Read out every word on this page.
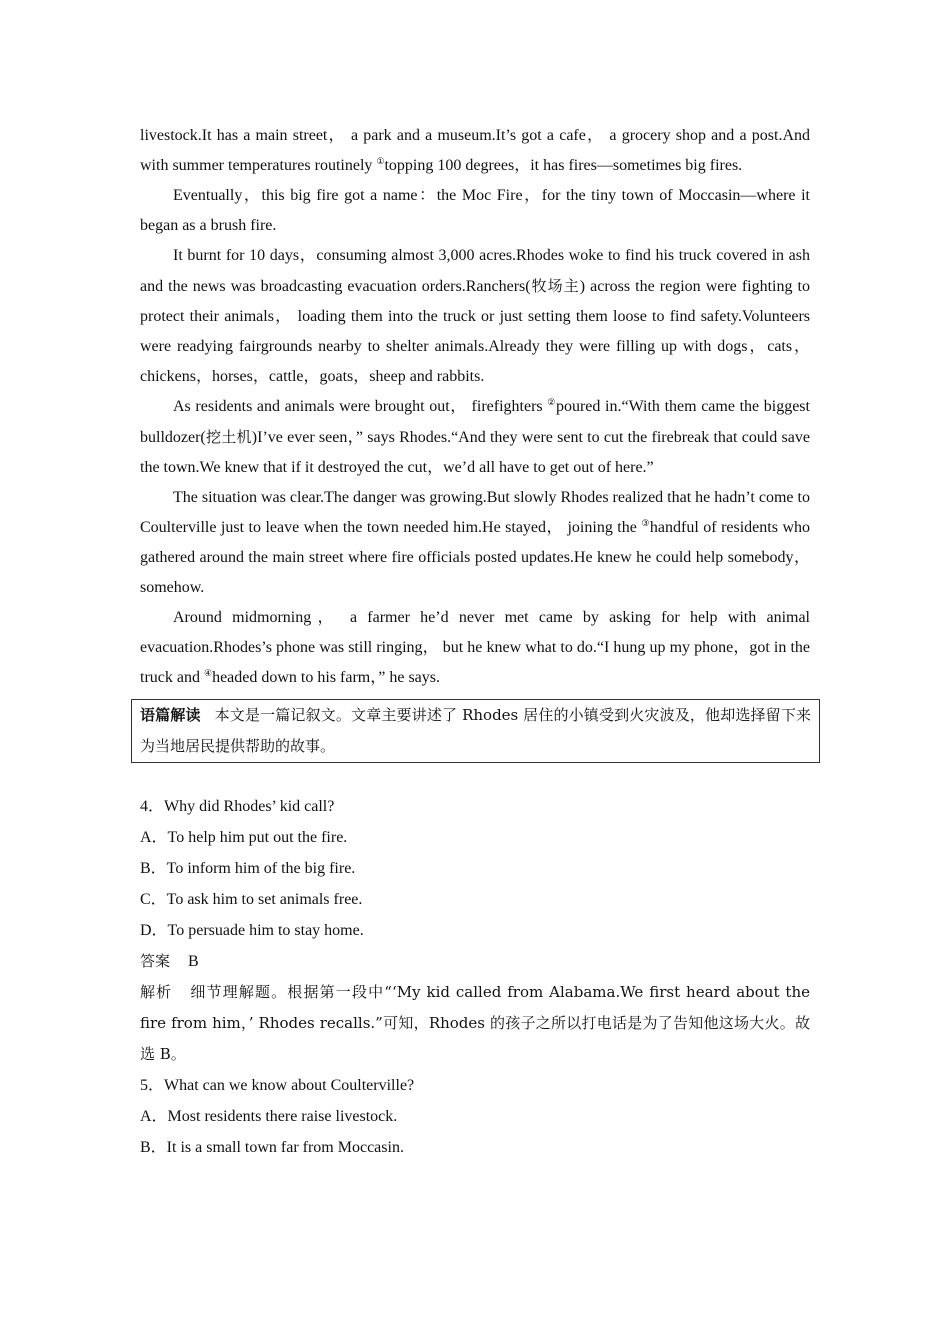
livestock.It has a main street， a park and a museum.It’s got a cafe， a grocery shop and a post.And with summer temperatures routinely ①topping 100 degrees，it has fires—sometimes big fires.

Eventually，this big fire got a name：the Moc Fire，for the tiny town of Moccasin—where it began as a brush fire.

It burnt for 10 days，consuming almost 3,000 acres.Rhodes woke to find his truck covered in ash and the news was broadcasting evacuation orders.Ranchers(牧场主) across the region were fighting to protect their animals， loading them into the truck or just setting them loose to find safety.Volunteers were readying fairgrounds nearby to shelter animals.Already they were filling up with dogs，cats，chickens，horses，cattle，goats，sheep and rabbits.

As residents and animals were brought out， firefighters ②poured in.“With them came the biggest bulldozer(挖土机)I’ve ever seen，” says Rhodes.“And they were sent to cut the firebreak that could save the town.We knew that if it destroyed the cut，we’d all have to get out of here.”

The situation was clear.The danger was growing.But slowly Rhodes realized that he hadn’t come to Coulterville just to leave when the town needed him.He stayed， joining the ③handful of residents who gathered around the main street where fire officials posted updates.He knew he could help somebody，somehow.

Around midmorning， a farmer he’d never met came by asking for help with animal evacuation.Rhodes’s phone was still ringing， but he knew what to do.“I hung up my phone，got in the truck and ④headed down to his farm，” he says.

语篇解读 本文是一篇记叙文。文章主要讲述了 Rhodes 居住的小镇受到火灾波及，他却选择留下来为当地居民提供帮助的故事。

4．Why did Rhodes’ kid call?

A．To help him put out the fire.

B．To inform him of the big fire.

C．To ask him to set animals free.

D．To persuade him to stay home.

答案 B

解析 细节理解题。根据第一段中“‘My kid called from Alabama.We first heard about the fire from him，’ Rhodes recalls.”可知，Rhodes 的孩子之所以打电话是为了告知他这场大火。故选 B。

5．What can we know about Coulterville?

A．Most residents there raise livestock.

B．It is a small town far from Moccasin.
